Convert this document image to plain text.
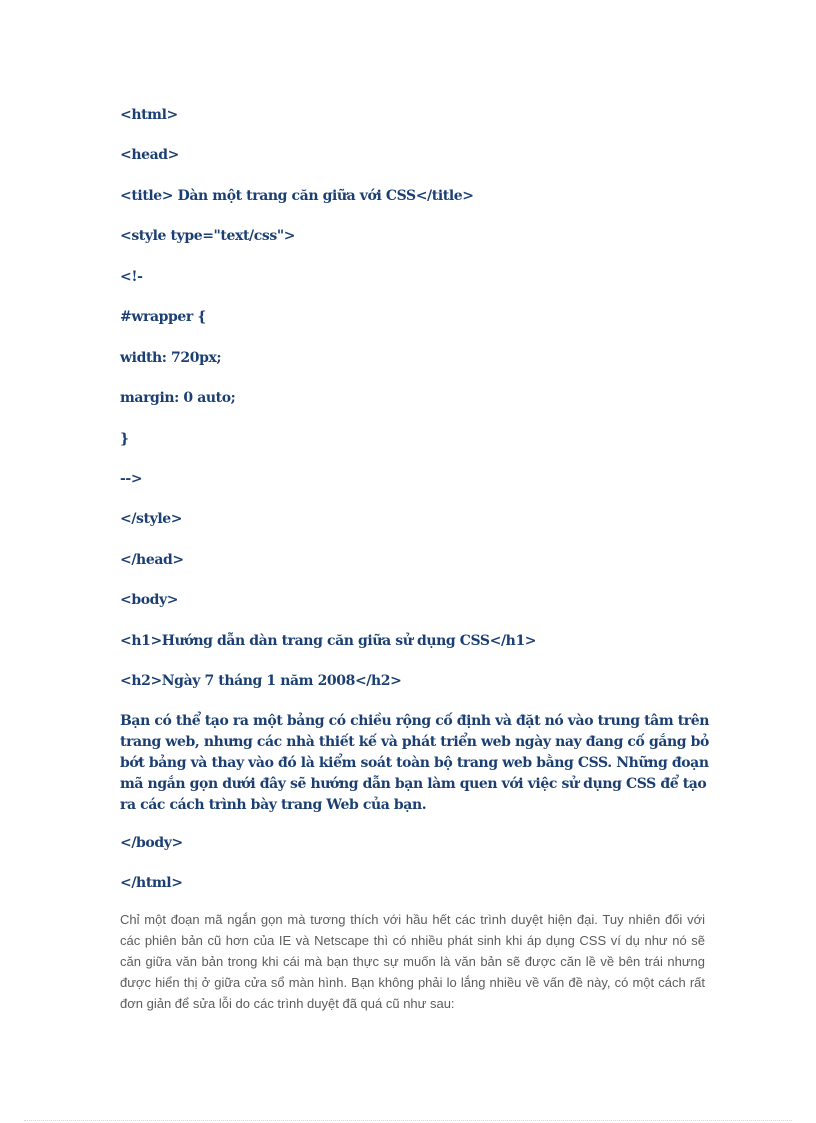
<html>

<head>

<title> Dàn một trang căn giữa với CSS</title>

<style type="text/css">

<!-

#wrapper {

width: 720px;

margin: 0 auto;

}

-->

</style>

</head>

<body>

<h1>Hướng dẫn dàn trang căn giữa sử dụng CSS</h1>

<h2>Ngày 7 tháng 1 năm 2008</h2>

Bạn có thể tạo ra một bảng có chiều rộng cố định và đặt nó vào trung tâm trên trang web, nhưng các nhà thiết kế và phát triển web ngày nay đang cố gắng bỏ bớt bảng và thay vào đó là kiểm soát toàn bộ trang web bằng CSS. Những đoạn mã ngắn gọn dưới đây sẽ hướng dẫn bạn làm quen với việc sử dụng CSS để tạo ra các cách trình bày trang Web của bạn.

</body>

</html>

Chỉ một đoạn mã ngắn gọn mà tương thích với hầu hết các trình duyệt hiện đại. Tuy nhiên đối với các phiên bản cũ hơn của IE và Netscape thì có nhiều phát sinh khi áp dụng CSS ví dụ như nó sẽ căn giữa văn bản trong khi cái mà bạn thực sự muốn là văn bản sẽ được căn lề về bên trái nhưng được hiển thị ở giữa cửa sổ màn hình. Bạn không phải lo lắng nhiều về vấn đề này, có một cách rất đơn giản để sửa lỗi do các trình duyệt đã quá cũ như sau:
